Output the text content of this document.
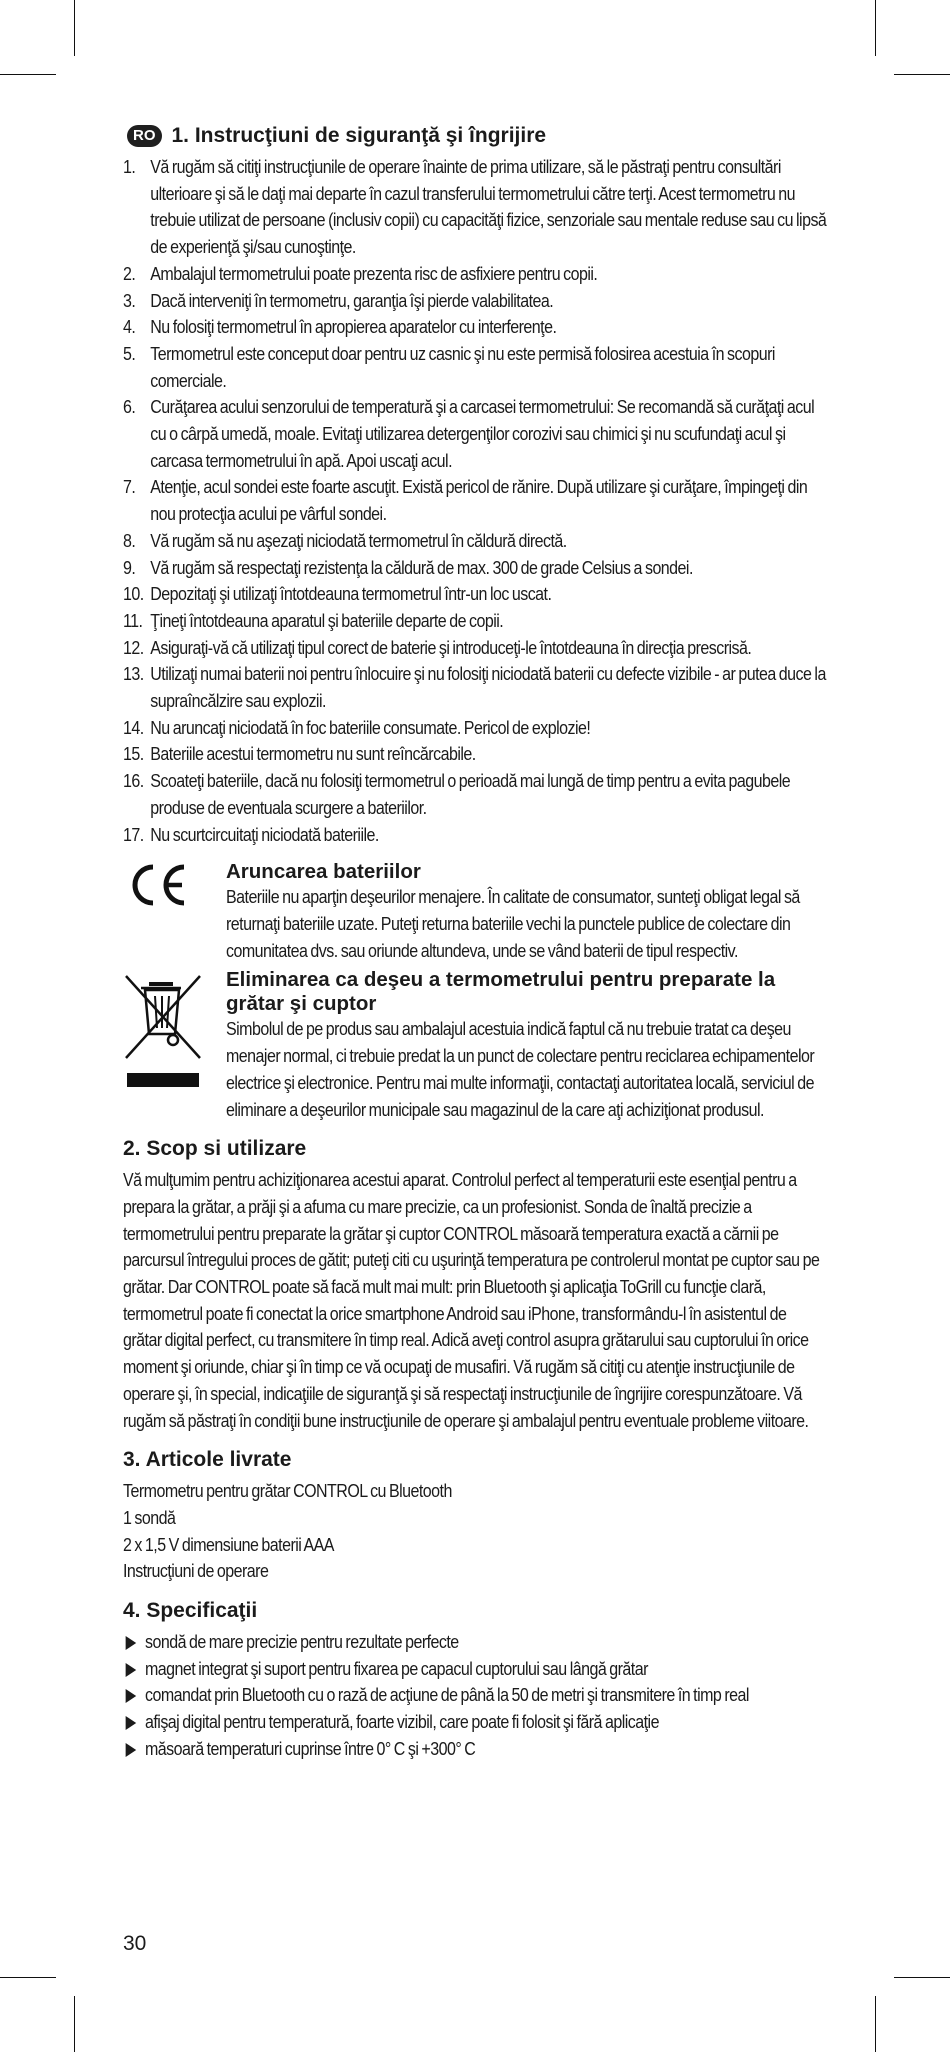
RO 1. Instrucţiuni de siguranţă şi îngrijire
1. Vă rugăm să citiţi instrucţiunile de operare înainte de prima utilizare, să le păstraţi pentru consultări ulterioare şi să le daţi mai departe în cazul transferului termometrului către terţi. Acest termometru nu trebuie utilizat de persoane (inclusiv copii) cu capacităţi fizice, senzoriale sau mentale reduse sau cu lipsă de experienţă şi/sau cunoştinţe.
2. Ambalajul termometrului poate prezenta risc de asfixiere pentru copii.
3. Dacă interveniţi în termometru, garanţia îşi pierde valabilitatea.
4. Nu folosiţi termometrul în apropierea aparatelor cu interferenţe.
5. Termometrul este conceput doar pentru uz casnic şi nu este permisă folosirea acestuia în scopuri comerciale.
6. Curăţarea acului senzorului de temperatură şi a carcasei termometrului: Se recomandă să curăţaţi acul cu o cârpă umedă, moale. Evitaţi utilizarea detergenţilor corozivi sau chimici şi nu scufundaţi acul şi carcasa termometrului în apă. Apoi uscaţi acul.
7. Atenţie, acul sondei este foarte ascuţit. Există pericol de rănire. După utilizare şi curăţare, împingeţi din nou protecţia acului pe vârful sondei.
8. Vă rugăm să nu aşezaţi niciodată termometrul în căldură directă.
9. Vă rugăm să respectaţi rezistenţa la căldură de max. 300 de grade Celsius a sondei.
10. Depozitaţi şi utilizaţi întotdeauna termometrul într-un loc uscat.
11. Ţineţi întotdeauna aparatul şi bateriile departe de copii.
12. Asiguraţi-vă că utilizaţi tipul corect de baterie şi introduceţi-le întotdeauna în direcţia prescrisă.
13. Utilizaţi numai baterii noi pentru înlocuire şi nu folosiţi niciodată baterii cu defecte vizibile - ar putea duce la supraîncălzire sau explozii.
14. Nu aruncaţi niciodată în foc bateriile consumate. Pericol de explozie!
15. Bateriile acestui termometru nu sunt reîncărcabile.
16. Scoateţi bateriile, dacă nu folosiţi termometrul o perioadă mai lungă de timp pentru a evita pagubele produse de eventuala scurgere a bateriilor.
17. Nu scurtcircuitaţi niciodată bateriile.
Aruncarea bateriilor
Bateriile nu aparţin deşeurilor menajere. În calitate de consumator, sunteţi obligat legal să returnaţi bateriile uzate. Puteţi returna bateriile vechi la punctele publice de colectare din comunitatea dvs. sau oriunde altundeva, unde se vând baterii de tipul respectiv.
Eliminarea ca deşeu a termometrului pentru preparate la grătar şi cuptor
Simbolul de pe produs sau ambalajul acestuia indică faptul că nu trebuie tratat ca deşeu menajer normal, ci trebuie predat la un punct de colectare pentru reciclarea echipamentelor electrice şi electronice. Pentru mai multe informaţii, contactaţi autoritatea locală, serviciul de eliminare a deşeurilor municipale sau magazinul de la care aţi achiziţionat produsul.
2. Scop si utilizare
Vă mulţumim pentru achiziţionarea acestui aparat. Controlul perfect al temperaturii este esenţial pentru a prepara la grătar, a prăji şi a afuma cu mare precizie, ca un profesionist. Sonda de înaltă precizie a termometrului pentru preparate la grătar şi cuptor CONTROL măsoară temperatura exactă a cărnii pe parcursul întregului proces de gătit; puteţi citi cu uşurinţă temperatura pe controlerul montat pe cuptor sau pe grătar. Dar CONTROL poate să facă mult mai mult: prin Bluetooth şi aplicaţia ToGrill cu funcţie clară, termometrul poate fi conectat la orice smartphone Android sau iPhone, transformându-l în asistentul de grătar digital perfect, cu transmitere în timp real. Adică aveţi control asupra grătarului sau cuptorului în orice moment şi oriunde, chiar şi în timp ce vă ocupaţi de musafiri. Vă rugăm să citiţi cu atenţie instrucţiunile de operare şi, în special, indicaţiile de siguranţă şi să respectaţi instrucţiunile de îngrijire corespunzătoare. Vă rugăm să păstraţi în condiţii bune instrucţiunile de operare şi ambalajul pentru eventuale probleme viitoare.
3. Articole livrate
Termometru pentru grătar CONTROL cu Bluetooth
1 sondă
2 x 1,5 V dimensiune baterii AAA
Instrucţiuni de operare
4. Specificaţii
sondă de mare precizie pentru rezultate perfecte
magnet integrat şi suport pentru fixarea pe capacul cuptorului sau lângă grătar
comandat prin Bluetooth cu o rază de acţiune de până la 50 de metri şi transmitere în timp real
afişaj digital pentru temperatură, foarte vizibil, care poate fi folosit şi fără aplicaţie
măsoară temperaturi cuprinse între 0° C şi +300° C
30
